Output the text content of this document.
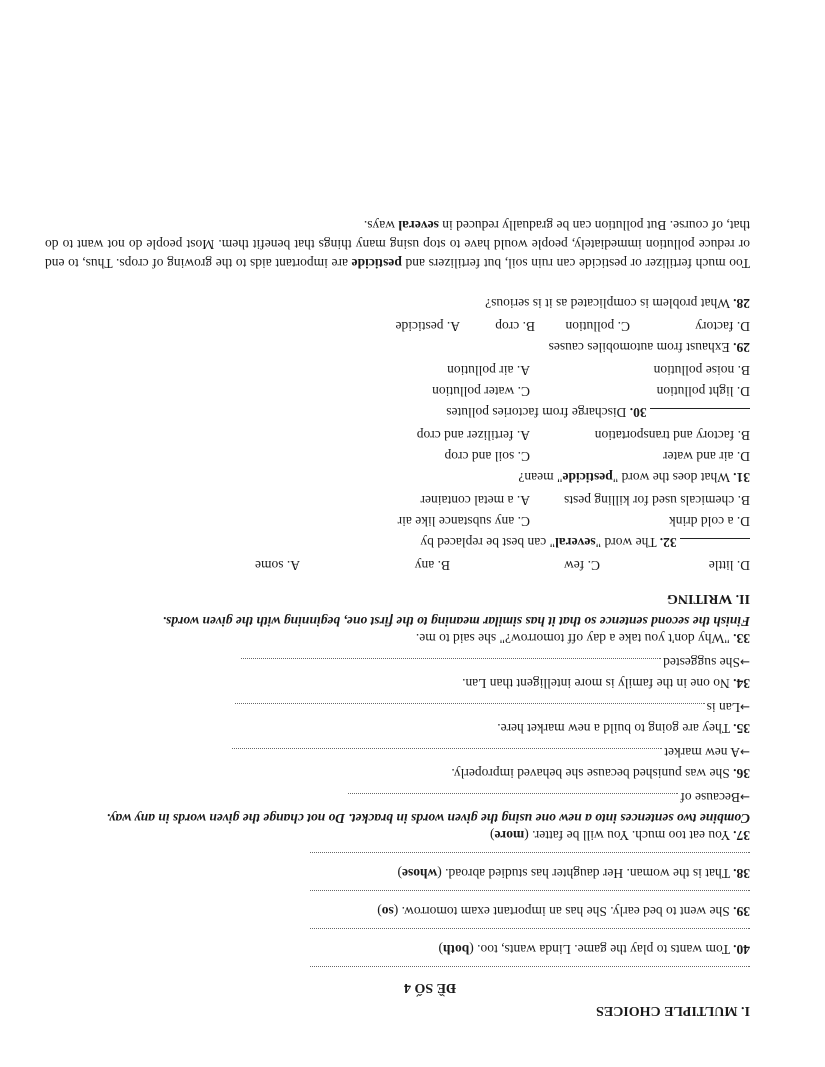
I. MULTIPLE CHOICES
ĐỀ SỐ 4
40. Tom wants to play the game. Linda wants, too. (both)
39. She went to bed early. She has an important exam tomorrow. (so)
38. That is the woman. Her daughter has studied abroad. (whose)
37. You eat too much. You will be fatter. (more)
Combine two sentences into a new one using the given words in bracket. Do not change the given words in any way.
→Because of
36. She was punished because she behaved improperly.
→A new market
35. They are going to build a new market here.
→Lan is
34. No one in the family is more intelligent than Lan.
→She suggested
33. "Why don't you take a day off tomorrow?" she said to me.
Finish the second sentence so that it has similar meaning to the first one, beginning with the given words.
II. WRITING
D. little
C. few
B. any
A. some
32. The word "several" can best be replaced by
D. a cold drink
C. any substance like air
B. chemicals used for killing pests
A. a metal container
31. What does the word "pesticide" mean?
D. air and water
C. soil and crop
B. factory and transportation
A. fertilizer and crop
30. Discharge from factories pollutes
D. light pollution
C. water pollution
B. noise pollution
A. air pollution
29. Exhaust from automobiles causes
D. factory
C. pollution
B. crop
A. pesticide
28. What problem is complicated as it is serious?
Too much fertilizer or pesticide can ruin soil, but fertilizers and pesticide are important aids to the growing of crops. Thus, to end or reduce pollution immediately, people would have to stop using many things that benefit them. Most people do not want to do that, of course. But pollution can be gradually reduced in several ways.
